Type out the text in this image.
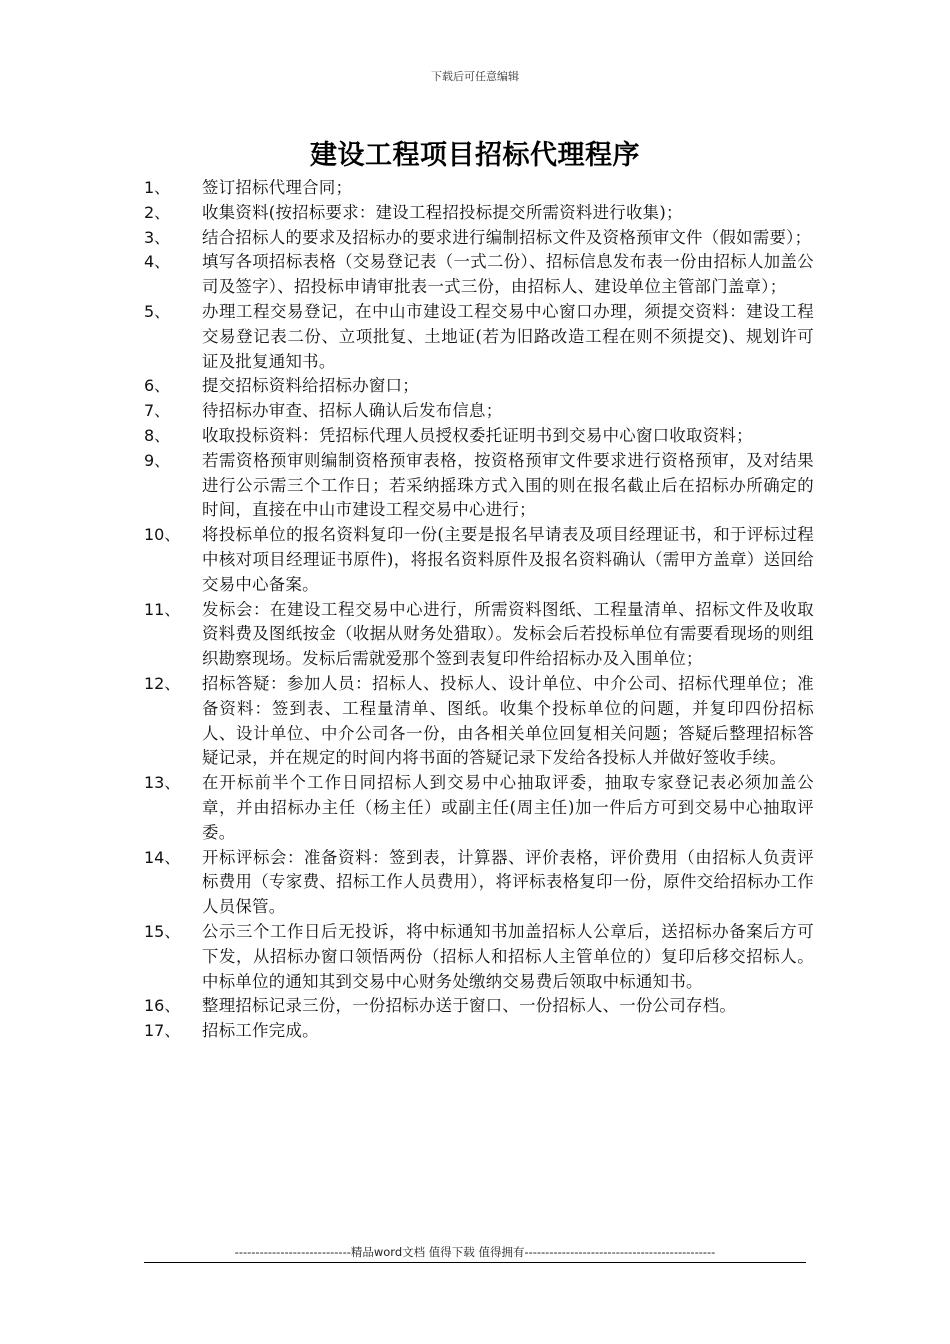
下载后可任意编辑
建设工程项目招标代理程序
1、	签订招标代理合同；
2、	收集资料(按招标要求：建设工程招投标提交所需资料进行收集)；
3、	结合招标人的要求及招标办的要求进行编制招标文件及资格预审文件（假如需要）；
4、	填写各项招标表格（交易登记表（一式二份）、招标信息发布表一份由招标人加盖公司及签字）、招投标申请审批表一式三份，由招标人、建设单位主管部门盖章）；
5、	办理工程交易登记，在中山市建设工程交易中心窗口办理，须提交资料：建设工程交易登记表二份、立项批复、土地证(若为旧路改造工程在则不须提交)、规划许可证及批复通知书。
6、	提交招标资料给招标办窗口；
7、	待招标办审查、招标人确认后发布信息；
8、	收取投标资料：凭招标代理人员授权委托证明书到交易中心窗口收取资料；
9、	若需资格预审则编制资格预审表格，按资格预审文件要求进行资格预审，及对结果进行公示需三个工作日；若采纳摇珠方式入围的则在报名截止后在招标办所确定的时间，直接在中山市建设工程交易中心进行；
10、	将投标单位的报名资料复印一份(主要是报名早请表及项目经理证书，和于评标过程中核对项目经理证书原件)，将报名资料原件及报名资料确认（需甲方盖章）送回给交易中心备案。
11、	发标会：在建设工程交易中心进行，所需资料图纸、工程量清单、招标文件及收取资料费及图纸按金（收据从财务处猎取）。发标会后若投标单位有需要看现场的则组织勘察现场。发标后需就爱那个签到表复印件给招标办及入围单位；
12、	招标答疑：参加人员：招标人、投标人、设计单位、中介公司、招标代理单位；准备资料：签到表、工程量清单、图纸。收集个投标单位的问题，并复印四份招标人、设计单位、中介公司各一份，由各相关单位回复相关问题；答疑后整理招标答疑记录，并在规定的时间内将书面的答疑记录下发给各投标人并做好签收手续。
13、	在开标前半个工作日同招标人到交易中心抽取评委，抽取专家登记表必须加盖公章，并由招标办主任（杨主任）或副主任(周主任)加一件后方可到交易中心抽取评委。
14、	开标评标会：准备资料：签到表，计算器、评价表格，评价费用（由招标人负责评标费用（专家费、招标工作人员费用），将评标表格复印一份，原件交给招标办工作人员保管。
15、	公示三个工作日后无投诉，将中标通知书加盖招标人公章后，送招标办备案后方可下发，从招标办窗口领悟两份（招标人和招标人主管单位的）复印后移交招标人。中标单位的通知其到交易中心财务处缴纳交易费后领取中标通知书。
16、	整理招标记录三份，一份招标办送于窗口、一份招标人、一份公司存档。
17、	招标工作完成。
----------------------------精品word文档 值得下载 值得拥有----------------------------------------------
